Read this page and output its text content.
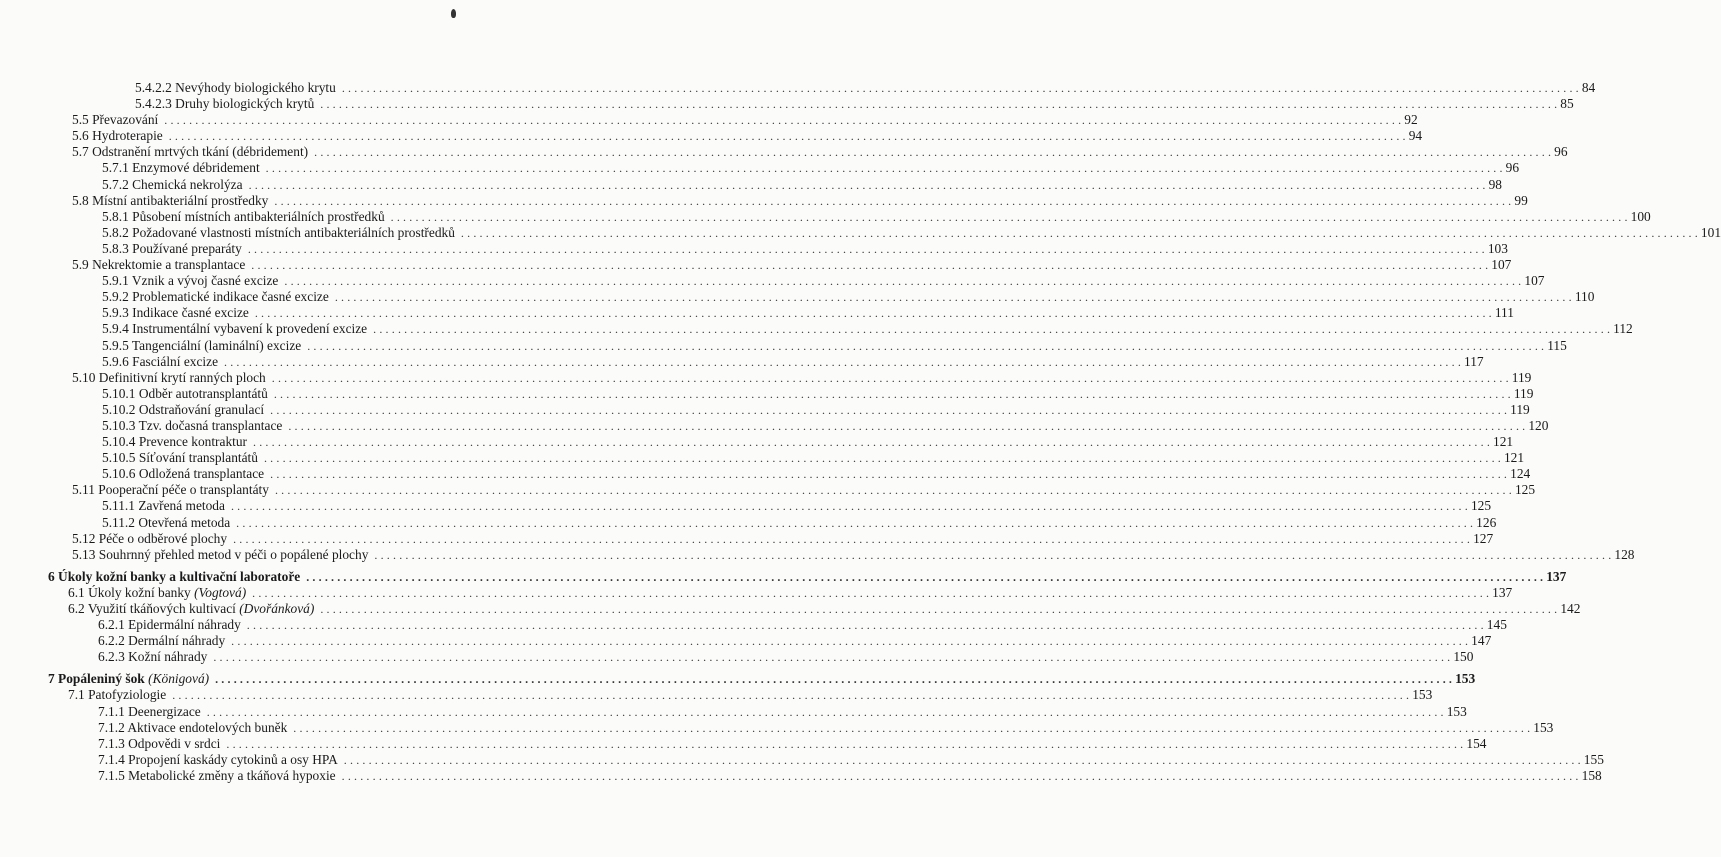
5.4.2.2 Nevýhody biologického krytu ........................................................................................................................................................................................................ 84
5.4.2.3 Druhy biologických krytů ........................................................................................................................................................................................................ 85
5.5 Převazování ........................................................................................................................................................................................................ 92
5.6 Hydroterapie ........................................................................................................................................................................................................ 94
5.7 Odstranění mrtvých tkání (débridement) ........................................................................................................................................................................................................ 96
5.7.1 Enzymové débridement ........................................................................................................................................................................................................ 96
5.7.2 Chemická nekrolýza ........................................................................................................................................................................................................ 98
5.8 Místní antibakteriální prostředky ........................................................................................................................................................................................................ 99
5.8.1 Působení místních antibakteriálních prostředků ........................................................................................................................................................................................................ 100
5.8.2 Požadované vlastnosti místních antibakteriálních prostředků ........................................................................................................................................................................................................ 101
5.8.3 Používané preparáty ........................................................................................................................................................................................................ 103
5.9 Nekrektomie a transplantace ........................................................................................................................................................................................................ 107
5.9.1 Vznik a vývoj časné excize ........................................................................................................................................................................................................ 107
5.9.2 Problematické indikace časné excize ........................................................................................................................................................................................................ 110
5.9.3 Indikace časné excize ........................................................................................................................................................................................................ 111
5.9.4 Instrumentální vybavení k provedení excize ........................................................................................................................................................................................................ 112
5.9.5 Tangenciální (laminální) excize ........................................................................................................................................................................................................ 115
5.9.6 Fasciální excize ........................................................................................................................................................................................................ 117
5.10 Definitivní krytí ranných ploch ........................................................................................................................................................................................................ 119
5.10.1 Odběr autotransplantátů ........................................................................................................................................................................................................ 119
5.10.2 Odstraňování granulací ........................................................................................................................................................................................................ 119
5.10.3 Tzv. dočasná transplantace ........................................................................................................................................................................................................ 120
5.10.4 Prevence kontraktur ........................................................................................................................................................................................................ 121
5.10.5 Síťování transplantátů ........................................................................................................................................................................................................ 121
5.10.6 Odložená transplantace ........................................................................................................................................................................................................ 124
5.11 Pooperační péče o transplantáty ........................................................................................................................................................................................................ 125
5.11.1 Zavřená metoda ........................................................................................................................................................................................................ 125
5.11.2 Otevřená metoda ........................................................................................................................................................................................................ 126
5.12 Péče o odběrové plochy ........................................................................................................................................................................................................ 127
5.13 Souhrnný přehled metod v péči o popálené plochy ........................................................................................................................................................................................................ 128
6 Úkoly kožní banky a kultivační laboratoře ........................................................................................................................................................................................................ 137
6.1 Úkoly kožní banky (Vogtová) ........................................................................................................................................................................................................ 137
6.2 Využití tkáňových kultivací (Dvořánková) ........................................................................................................................................................................................................ 142
6.2.1 Epidermální náhrady ........................................................................................................................................................................................................ 145
6.2.2 Dermální náhrady ........................................................................................................................................................................................................ 147
6.2.3 Kožní náhrady ........................................................................................................................................................................................................ 150
7 Popáleniný šok (Königová) ........................................................................................................................................................................................................ 153
7.1 Patofyziologie ........................................................................................................................................................................................................ 153
7.1.1 Deenergizace ........................................................................................................................................................................................................ 153
7.1.2 Aktivace endotelových buněk ........................................................................................................................................................................................................ 153
7.1.3 Odpovědi v srdci ........................................................................................................................................................................................................ 154
7.1.4 Propojení kaskády cytokinů a osy HPA ........................................................................................................................................................................................................ 155
7.1.5 Metabolické změny a tkáňová hypoxie ........................................................................................................................................................................................................ 158
